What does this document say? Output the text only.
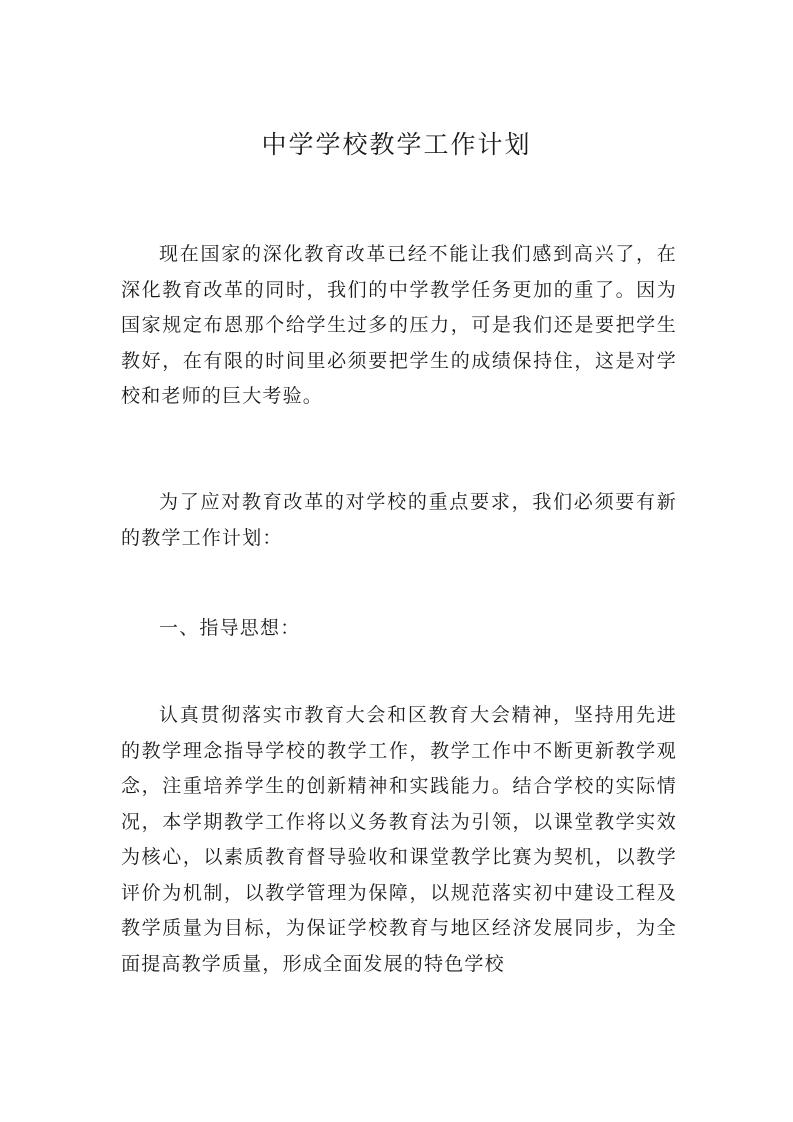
中学学校教学工作计划

现在国家的深化教育改革已经不能让我们感到高兴了，在深化教育改革的同时，我们的中学教学任务更加的重了。因为国家规定布恩那个给学生过多的压力，可是我们还是要把学生教好，在有限的时间里必须要把学生的成绩保持住，这是对学校和老师的巨大考验。

为了应对教育改革的对学校的重点要求，我们必须要有新的教学工作计划：

一、指导思想：

认真贯彻落实市教育大会和区教育大会精神，坚持用先进的教学理念指导学校的教学工作，教学工作中不断更新教学观念，注重培养学生的创新精神和实践能力。结合学校的实际情况，本学期教学工作将以义务教育法为引领，以课堂教学实效为核心，以素质教育督导验收和课堂教学比赛为契机，以教学评价为机制，以教学管理为保障，以规范落实初中建设工程及教学质量为目标，为保证学校教育与地区经济发展同步，为全面提高教学质量，形成全面发展的特色学校
